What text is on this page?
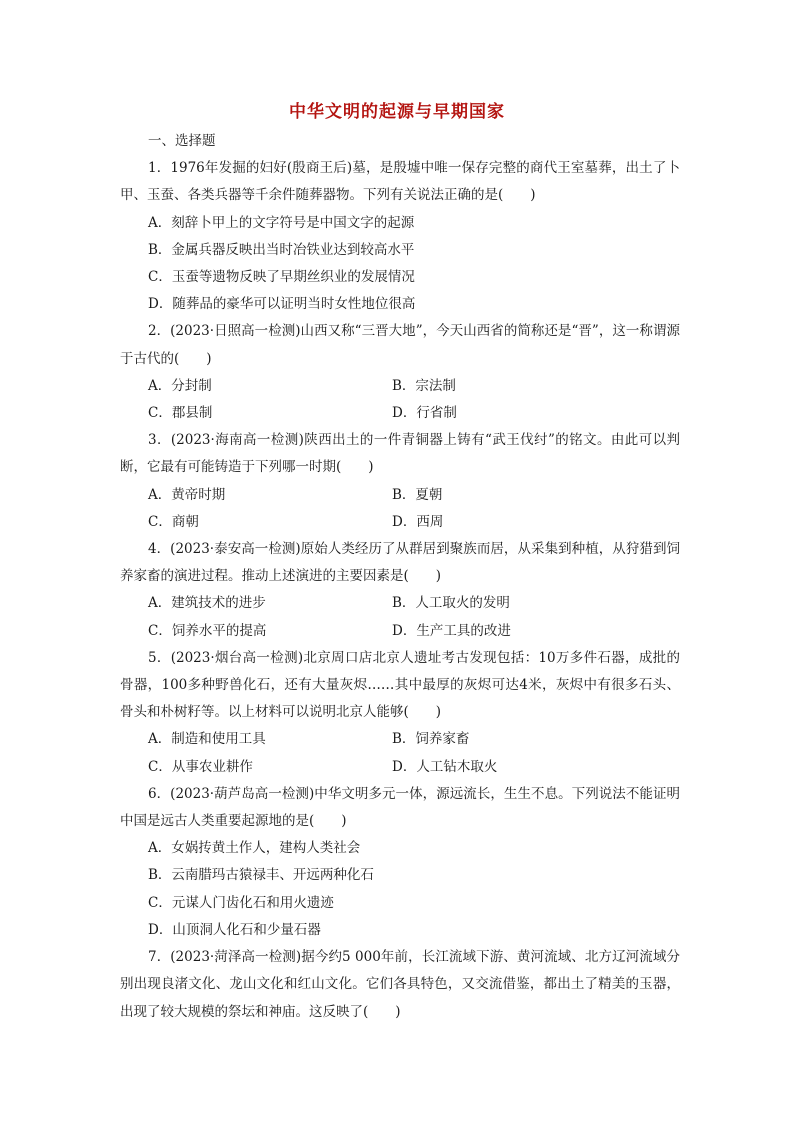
中华文明的起源与早期国家
一、选择题
1．1976年发掘的妇好(殷商王后)墓，是殷墟中唯一保存完整的商代王室墓葬，出土了卜甲、玉蚕、各类兵器等千余件随葬器物。下列有关说法正确的是(　　)
A．刻辞卜甲上的文字符号是中国文字的起源
B．金属兵器反映出当时冶铁业达到较高水平
C．玉蚕等遗物反映了早期丝织业的发展情况
D．随葬品的豪华可以证明当时女性地位很高
2．(2023·日照高一检测)山西又称“三晋大地”，今天山西省的简称还是“晋”，这一称谓源于古代的(　　)
A．分封制	B．宗法制
C．郡县制	D．行省制
3．(2023·海南高一检测)陕西出土的一件青铜器上铸有“武王伐纣”的铭文。由此可以判断，它最有可能铸造于下列哪一时期(　　)
A．黄帝时期	B．夏朝
C．商朝	D．西周
4．(2023·泰安高一检测)原始人类经历了从群居到聚族而居，从采集到种植，从狩猎到饲养家畜的演进过程。推动上述演进的主要因素是(　　)
A．建筑技术的进步	B．人工取火的发明
C．饲养水平的提高	D．生产工具的改进
5．(2023·烟台高一检测)北京周口店北京人遗址考古发现包括：10万多件石器，成批的骨器，100多种野兽化石，还有大量灰烬……其中最厚的灰烬可达4米，灰烬中有很多石头、骨头和朴树籽等。以上材料可以说明北京人能够(　　)
A．制造和使用工具	B．饲养家畜
C．从事农业耕作	D．人工钻木取火
6．(2023·葫芦岛高一检测)中华文明多元一体，源远流长，生生不息。下列说法不能证明中国是远古人类重要起源地的是(　　)
A．女娲抟黄土作人，建构人类社会
B．云南腊玛古猿禄丰、开远两种化石
C．元谋人门齿化石和用火遗迹
D．山顶洞人化石和少量石器
7．(2023·菏泽高一检测)据今约5 000年前，长江流域下游、黄河流域、北方辽河流域分别出现良渚文化、龙山文化和红山文化。它们各具特色，又交流借鉴，都出土了精美的玉器，出现了较大规模的祭坛和神庙。这反映了(　　)
